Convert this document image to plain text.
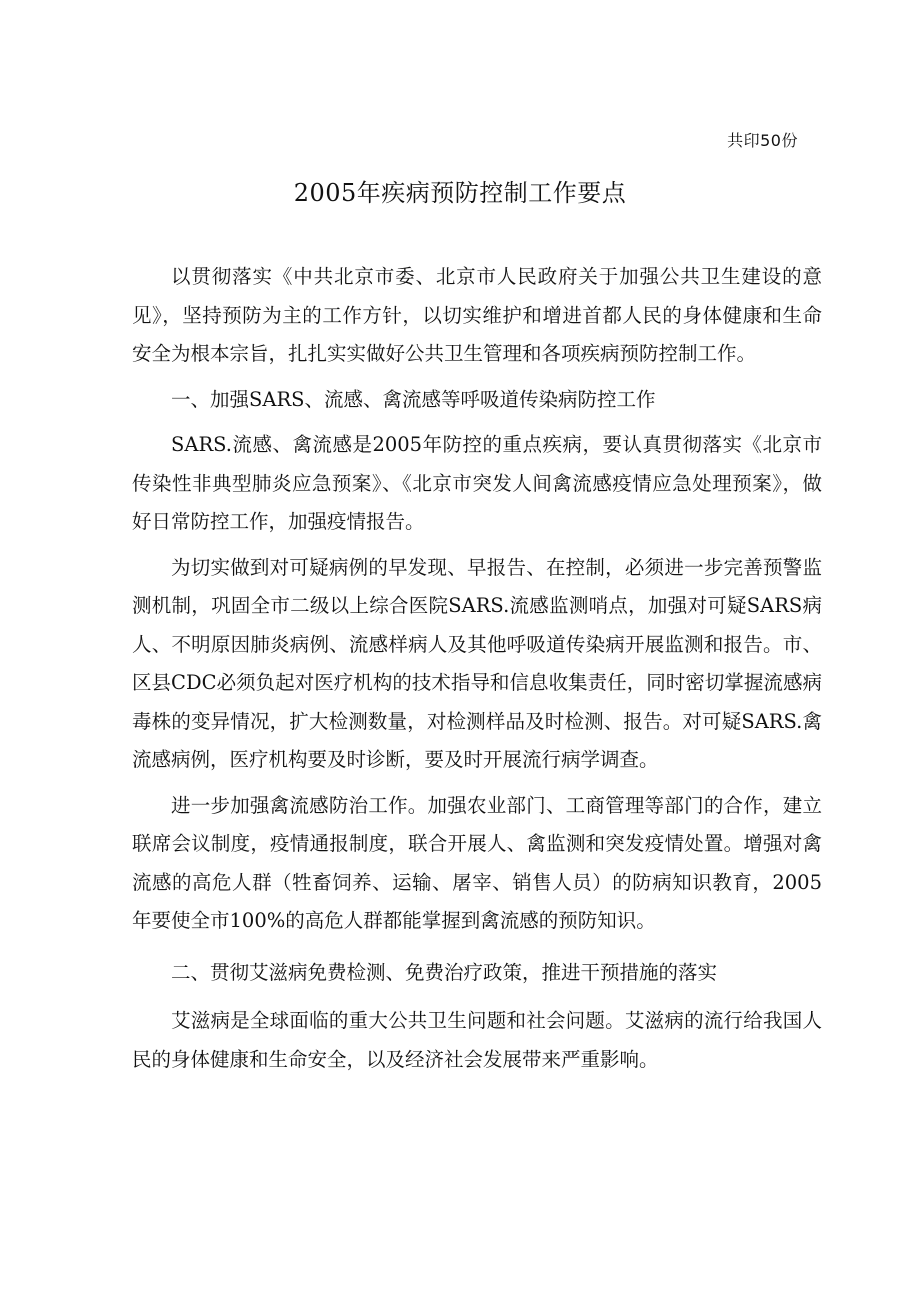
共印50份
2005年疾病预防控制工作要点

以贯彻落实《中共北京市委、北京市人民政府关于加强公共卫生建设的意见》，坚持预防为主的工作方针，以切实维护和增进首都人民的身体健康和生命安全为根本宗旨，扎扎实实做好公共卫生管理和各项疾病预防控制工作。

一、加强SARS、流感、禽流感等呼吸道传染病防控工作

SARS.流感、禽流感是2005年防控的重点疾病，要认真贯彻落实《北京市传染性非典型肺炎应急预案》、《北京市突发人间禽流感疫情应急处理预案》，做好日常防控工作，加强疫情报告。

为切实做到对可疑病例的早发现、早报告、在控制，必须进一步完善预警监测机制，巩固全市二级以上综合医院SARS.流感监测哨点，加强对可疑SARS病人、不明原因肺炎病例、流感样病人及其他呼吸道传染病开展监测和报告。市、区县CDC必须负起对医疗机构的技术指导和信息收集责任，同时密切掌握流感病毒株的变异情况，扩大检测数量，对检测样品及时检测、报告。对可疑SARS.禽流感病例，医疗机构要及时诊断，要及时开展流行病学调查。

进一步加强禽流感防治工作。加强农业部门、工商管理等部门的合作，建立联席会议制度，疫情通报制度，联合开展人、禽监测和突发疫情处置。增强对禽流感的高危人群（牲畜饲养、运输、屠宰、销售人员）的防病知识教育，2005年要使全市100%的高危人群都能掌握到禽流感的预防知识。

二、贯彻艾滋病免费检测、免费治疗政策，推进干预措施的落实

艾滋病是全球面临的重大公共卫生问题和社会问题。艾滋病的流行给我国人民的身体健康和生命安全，以及经济社会发展带来严重影响。
